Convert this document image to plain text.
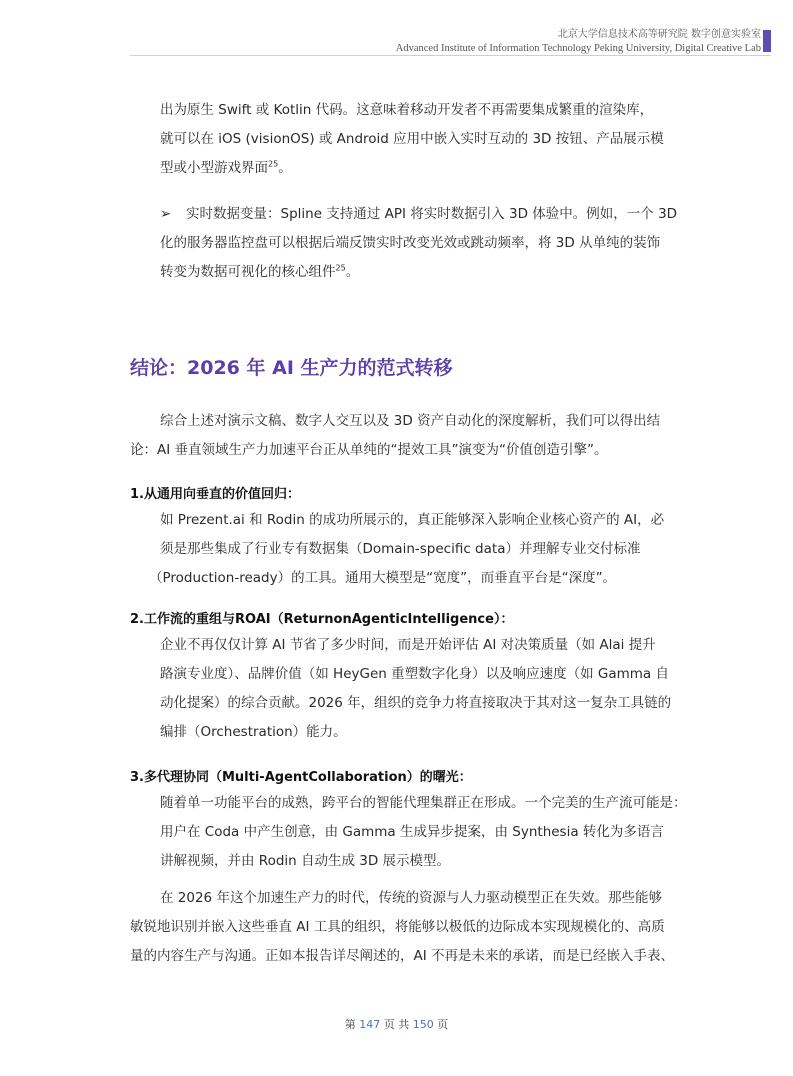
北京大学信息技术高等研究院 数字创意实验室
Advanced Institute of Information Technology Peking University, Digital Creative Lab

出为原生 Swift 或 Kotlin 代码。这意味着移动开发者不再需要集成繁重的渲染库，

就可以在 iOS (visionOS) 或 Android 应用中嵌入实时互动的 3D 按钮、产品展示模

型或小型游戏界面$^{25}$。

➢ 实时数据变量：Spline 支持通过 API 将实时数据引入 3D 体验中。例如，一个 3D

化的服务器监控盘可以根据后端反馈实时改变光效或跳动频率，将 3D 从单纯的装饰

转变为数据可视化的核心组件$^{25}$。

结论：2026 年 AI 生产力的范式转移

综合上述对演示文稿、数字人交互以及 3D 资产自动化的深度解析，我们可以得出结

论：AI 垂直领域生产力加速平台正从单纯的“提效工具”演变为“价值创造引擎”。

1.从通用向垂直的价值回归：

如 Prezent.ai 和 Rodin 的成功所展示的，真正能够深入影响企业核心资产的 AI，必

须是那些集成了行业专有数据集（Domain-specific data）并理解专业交付标准

（Production-ready）的工具。通用大模型是“宽度”，而垂直平台是“深度”。

2.工作流的重组与ROAI（ReturnonAgenticIntelligence）：

企业不再仅仅计算 AI 节省了多少时间，而是开始评估 AI 对决策质量（如 Alai 提升

路演专业度）、品牌价值（如 HeyGen 重塑数字化身）以及响应速度（如 Gamma 自

动化提案）的综合贡献。2026 年，组织的竞争力将直接取决于其对这一复杂工具链的

编排（Orchestration）能力。

3.多代理协同（Multi-AgentCollaboration）的曙光：

随着单一功能平台的成熟，跨平台的智能代理集群正在形成。一个完美的生产流可能是：

用户在 Coda 中产生创意，由 Gamma 生成异步提案，由 Synthesia 转化为多语言

讲解视频，并由 Rodin 自动生成 3D 展示模型。

在 2026 年这个加速生产力的时代，传统的资源与人力驱动模型正在失效。那些能够

敏锐地识别并嵌入这些垂直 AI 工具的组织，将能够以极低的边际成本实现规模化的、高质

量的内容生产与沟通。正如本报告详尽阐述的，AI 不再是未来的承诺，而是已经嵌入手表、

第 147 页 共 150 页
